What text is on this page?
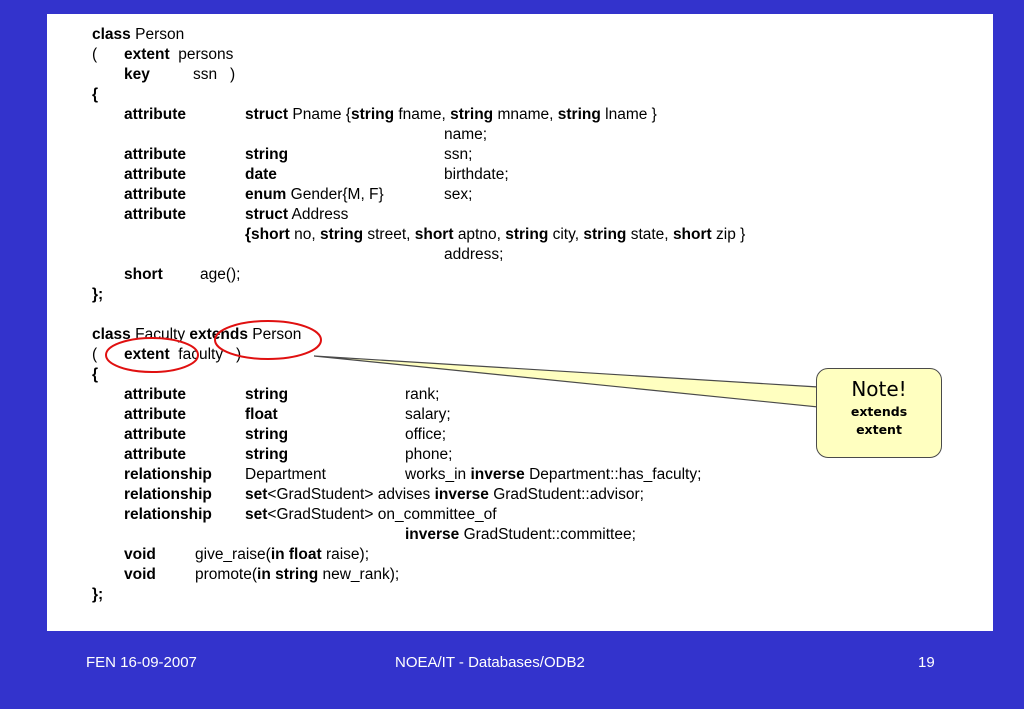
class Person
( extent persons
key	ssn   )
{
attribute	struct Pname {string fname, string mname, string lname }
name;
attribute	string	ssn;
attribute	date	birthdate;
attribute	enum Gender{M, F}	sex;
attribute	struct Address
{short no, string street, short aptno, string city, string state, short zip }
address;
short age();
};
class Faculty extends Person
( extent faculty   )
{
attribute	string	rank;
attribute	float	salary;
attribute	string	office;
attribute	string	phone;
relationship Department	works_in inverse Department::has_faculty;
relationship set<GradStudent> advises inverse GradStudent::advisor;
relationship set<GradStudent> on_committee_of
inverse GradStudent::committee;
void	give_raise(in float raise);
void	promote(in string new_rank);
};
Note!
extends
extent
FEN 16-09-2007	NOEA/IT - Databases/ODB2	19
